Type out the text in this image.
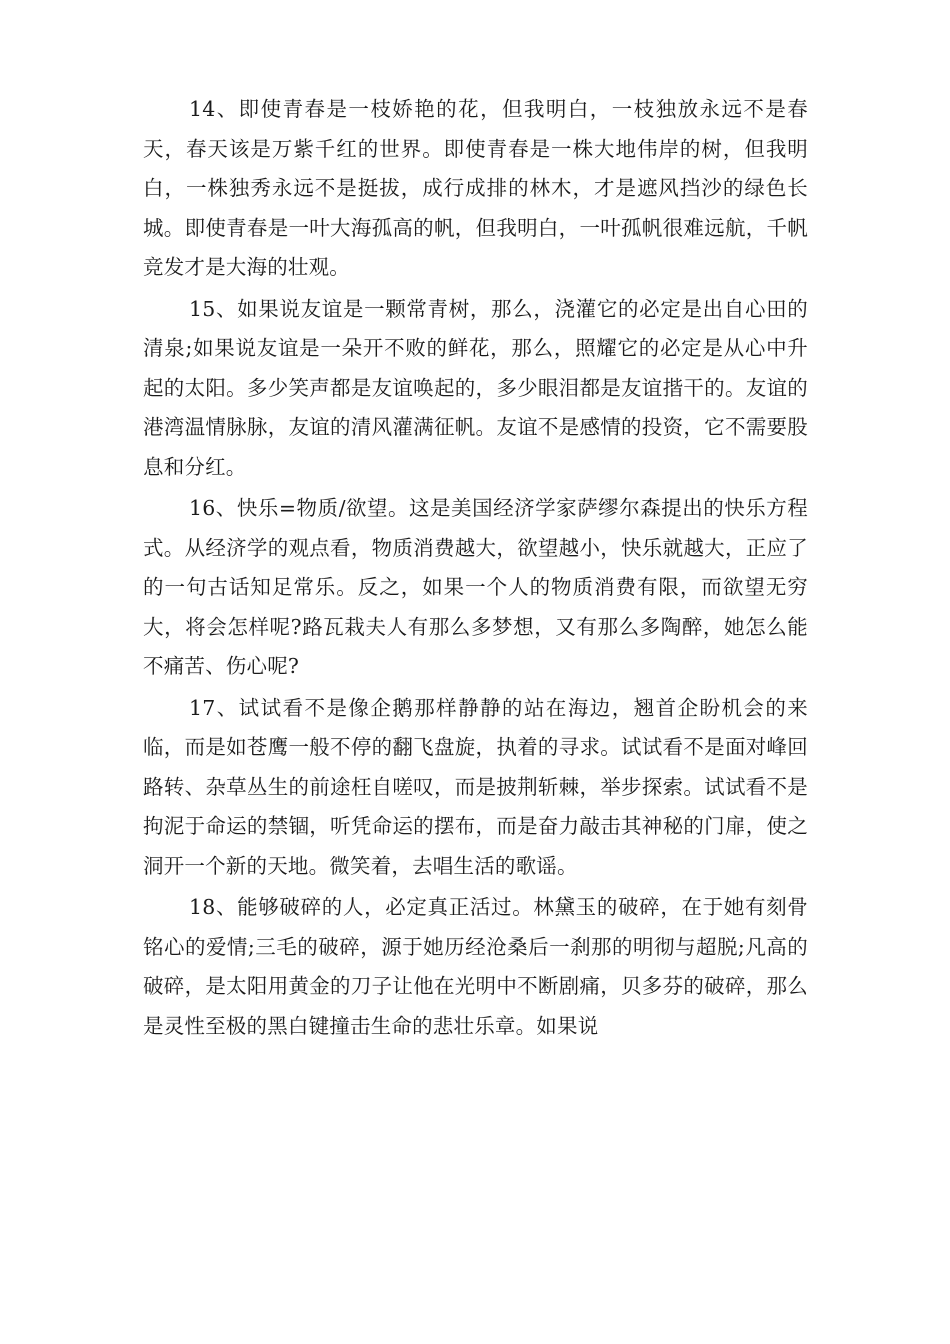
14、即使青春是一枝娇艳的花，但我明白，一枝独放永远不是春天，春天该是万紫千红的世界。即使青春是一株大地伟岸的树，但我明白，一株独秀永远不是挺拔，成行成排的林木，才是遮风挡沙的绿色长城。即使青春是一叶大海孤高的帆，但我明白，一叶孤帆很难远航，千帆竞发才是大海的壮观。

15、如果说友谊是一颗常青树，那么，浇灌它的必定是出自心田的清泉;如果说友谊是一朵开不败的鲜花，那么，照耀它的必定是从心中升起的太阳。多少笑声都是友谊唤起的，多少眼泪都是友谊揩干的。友谊的港湾温情脉脉，友谊的清风灌满征帆。友谊不是感情的投资，它不需要股息和分红。

16、快乐=物质/欲望。这是美国经济学家萨缪尔森提出的快乐方程式。从经济学的观点看，物质消费越大，欲望越小，快乐就越大，正应了的一句古话知足常乐。反之，如果一个人的物质消费有限，而欲望无穷大，将会怎样呢?路瓦栽夫人有那么多梦想，又有那么多陶醉，她怎么能不痛苦、伤心呢?

17、试试看不是像企鹅那样静静的站在海边，翘首企盼机会的来临，而是如苍鹰一般不停的翻飞盘旋，执着的寻求。试试看不是面对峰回路转、杂草丛生的前途枉自嗟叹，而是披荆斩棘，举步探索。试试看不是拘泥于命运的禁锢，听凭命运的摆布，而是奋力敲击其神秘的门扉，使之洞开一个新的天地。微笑着，去唱生活的歌谣。

18、能够破碎的人，必定真正活过。林黛玉的破碎，在于她有刻骨铭心的爱情;三毛的破碎，源于她历经沧桑后一刹那的明彻与超脱;凡高的破碎，是太阳用黄金的刀子让他在光明中不断剧痛，贝多芬的破碎，那么是灵性至极的黑白键撞击生命的悲壮乐章。如果说
